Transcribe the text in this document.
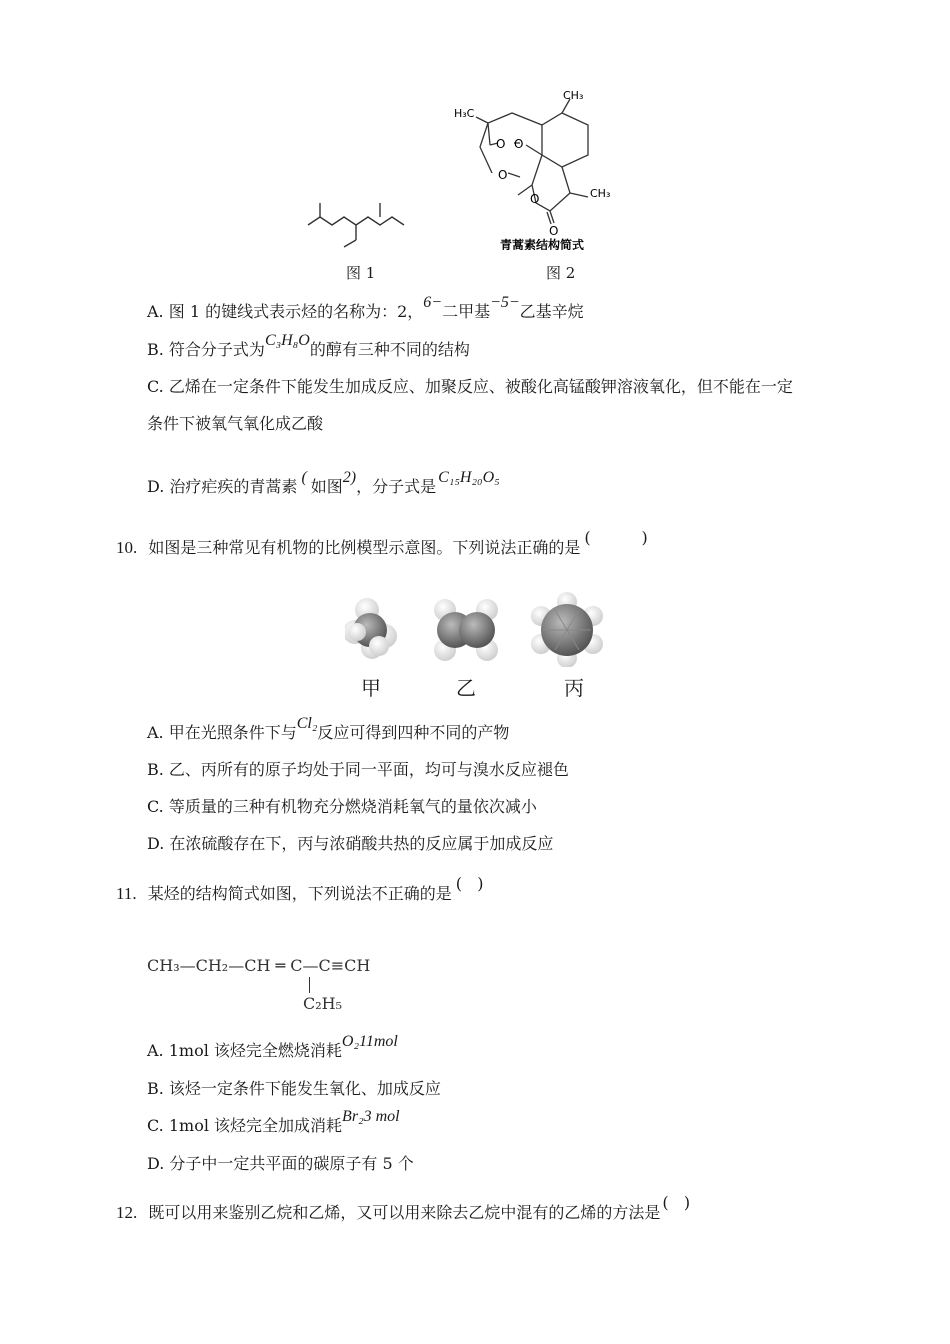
图 1
CH₃
H₃C
O O
O
O
O
CH₃
青蒿素结构简式
图 2
A. 图 1 的键线式表示烃的名称为：2，6−二甲基−5−乙基辛烷
B. 符合分子式为C₃H₈O的醇有三种不同的结构
C. 乙烯在一定条件下能发生加成反应、加聚反应、被酸化高锰酸钾溶液氧化，但不能在一定
条件下被氧气氧化成乙酸
D. 治疗疟疾的青蒿素 ( 如图2)，分子式是 C₁₅H₂₀O₅
10. 如图是三种常见有机物的比例模型示意图。下列说法正确的是(          )
甲	乙	丙
A. 甲在光照条件下与Cl₂反应可得到四种不同的产物
B. 乙、丙所有的原子均处于同一平面，均可与溴水反应褪色
C. 等质量的三种有机物充分燃烧消耗氧气的量依次减小
D. 在浓硫酸存在下，丙与浓硝酸共热的反应属于加成反应
11. 某烃的结构简式如图，下列说法不正确的是(   )
CH₃—CH₂—CH ═ C—C≡CH
C₂H₅
A. 1mol 该烃完全燃烧消耗O₂11mol
B. 该烃一定条件下能发生氧化、加成反应
C. 1mol 该烃完全加成消耗Br₂3 mol
D. 分子中一定共平面的碳原子有 5 个
12. 既可以用来鉴别乙烷和乙烯，又可以用来除去乙烷中混有的乙烯的方法是(   )
